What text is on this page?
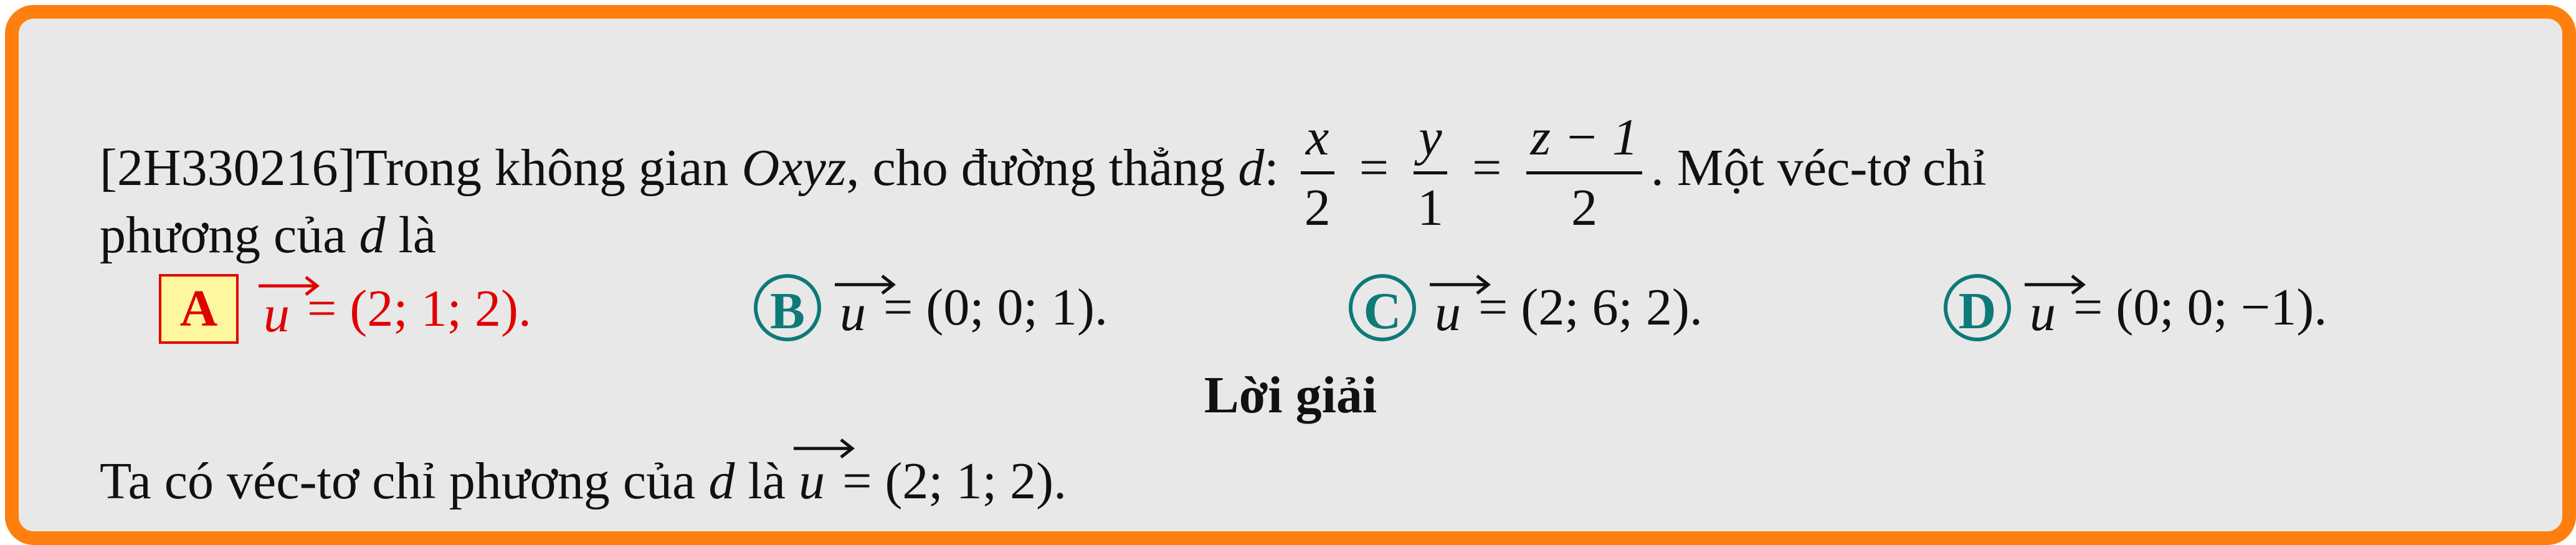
[2H330216]Trong không gian Oxyz, cho đường thẳng d:
x
2
=
y
1
=
z − 1
2
. Một véc-tơ chỉ
phương của d là
A u = (2; 1; 2).	B u = (0; 0; 1).	C u = (2; 6; 2).	D u = (0; 0; −1).
Lời giải
Ta có véc-tơ chỉ phương của d là
u = (2; 1; 2).
